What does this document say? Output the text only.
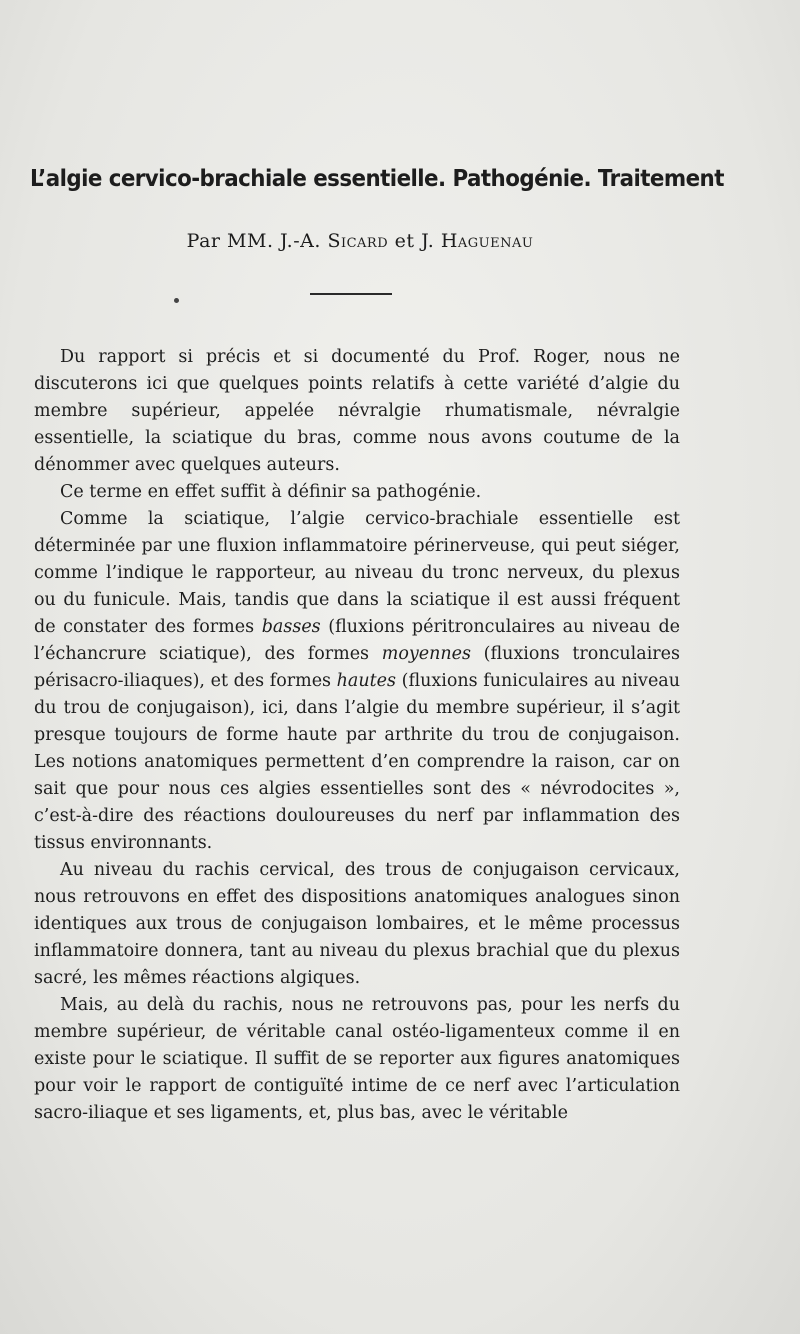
L’algie cervico-brachiale essentielle. Pathogénie. Traitement
Par MM. J.-A. Sicard et J. Haguenau

Du rapport si précis et si documenté du Prof. Roger, nous ne discuterons ici que quelques points relatifs à cette variété d’algie du membre supérieur, appelée névralgie rhumatismale, névralgie essentielle, la sciatique du bras, comme nous avons coutume de la dénommer avec quelques auteurs.

Ce terme en effet suffit à définir sa pathogénie.

Comme la sciatique, l’algie cervico-brachiale essentielle est déterminée par une fluxion inflammatoire périnerveuse, qui peut siéger, comme l’indique le rapporteur, au niveau du tronc nerveux, du plexus ou du funicule. Mais, tandis que dans la sciatique il est aussi fréquent de constater des formes basses (fluxions péritronculaires au niveau de l’échancrure sciatique), des formes moyennes (fluxions tronculaires périsacro-iliaques), et des formes hautes (fluxions funiculaires au niveau du trou de conjugaison), ici, dans l’algie du membre supérieur, il s’agit presque toujours de forme haute par arthrite du trou de conjugaison. Les notions anatomiques permettent d’en comprendre la raison, car on sait que pour nous ces algies essentielles sont des « névrodocites », c’est-à-dire des réactions douloureuses du nerf par inflammation des tissus environnants.

Au niveau du rachis cervical, des trous de conjugaison cervicaux, nous retrouvons en effet des dispositions anatomiques analogues sinon identiques aux trous de conjugaison lombaires, et le même processus inflammatoire donnera, tant au niveau du plexus brachial que du plexus sacré, les mêmes réactions algiques.

Mais, au delà du rachis, nous ne retrouvons pas, pour les nerfs du membre supérieur, de véritable canal ostéo-ligamenteux comme il en existe pour le sciatique. Il suffit de se reporter aux figures anatomiques pour voir le rapport de contiguïté intime de ce nerf avec l’articulation sacro-iliaque et ses ligaments, et, plus bas, avec le véritable
